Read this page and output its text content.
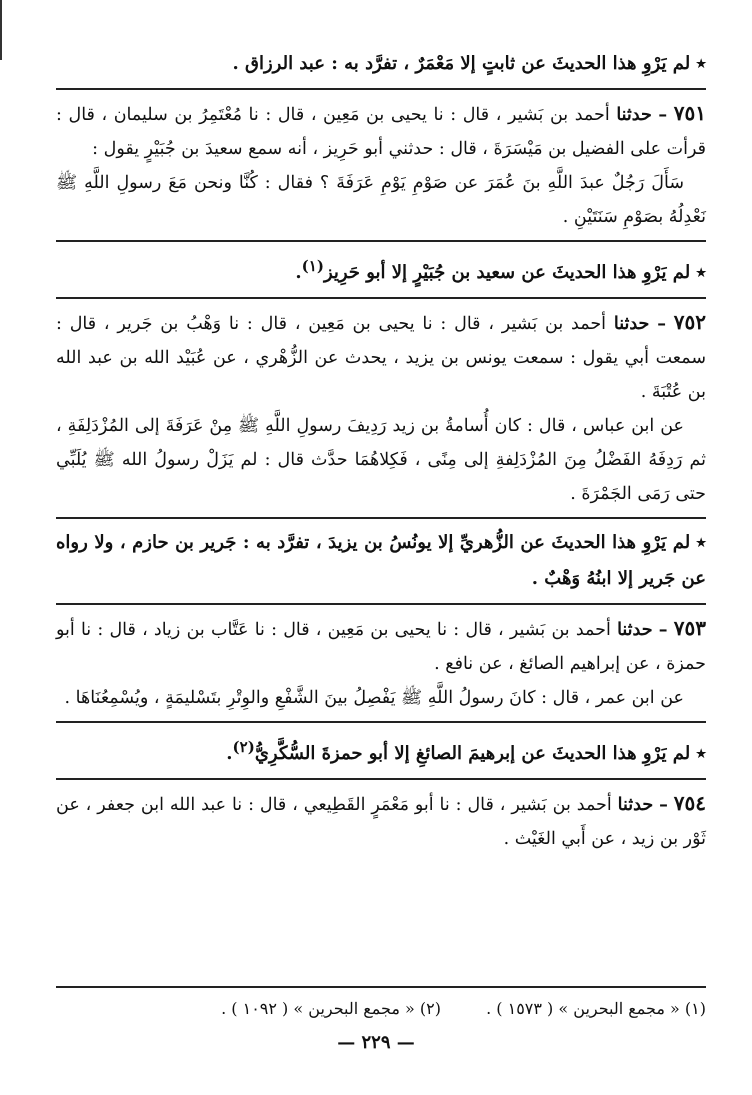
٭لم يَرْوِ هذا الحديثَ عن ثابتٍ إلا مَعْمَرٌ ، تفرَّد به : عبد الرزاق .

٧٥١ – حدثنا أحمد بن بَشير ، قال : نا يحيى بن مَعِين ، قال : نا مُعْتَمِرُ بن سليمان ، قال : قرأت على الفضيل بن مَيْسَرَةَ ، قال : حدثني أبو حَرِيز ، أنه سمع سعيدَ بن جُبَيْرٍ يقول :

سَأَلَ رَجُلٌ عبدَ اللَّهِ بنَ عُمَرَ عن صَوْمِ يَوْمِ عَرَفَةَ ؟ فقال : كُنَّا ونحن مَعَ رسولِ اللَّهِ ﷺ نَعْدِلُهُ بصَوْمِ سَنَتَيْنِ .

٭لم يَرْوِ هذا الحديثَ عن سعيد بن جُبَيْرٍ إلا أبو حَرِيز$^{(١)}$.

٧٥٢ – حدثنا أحمد بن بَشير ، قال : نا يحيى بن مَعِين ، قال : نا وَهْبُ بن جَرير ، قال : سمعت أبي يقول : سمعت يونس بن يزيد ، يحدث عن الزُّهْري ، عن عُبَيْد الله بن عبد الله بن عُتْبَةَ .

عن ابن عباس ، قال : كان أُسامةُ بن زيد رَدِيفَ رسولِ اللَّهِ ﷺ مِنْ عَرَفَةَ إلى المُزْدَلِفَةِ ، ثم رَدِفَهُ الفَضْلُ مِنَ المُزْدَلِفةِ إلى مِنًى ، فَكِلاهُمَا حدَّث قال : لم يَزَلْ رسولُ الله ﷺ يُلَبِّي حتى رَمَى الجَمْرَةَ .

٭لم يَرْوِ هذا الحديثَ عن الزُّهريِّ إلا يونُسُ بن يزيدَ ، تفرَّد به : جَرير بن حازم ، ولا رواه عن جَرير إلا ابنُهُ وَهْبٌ .

٧٥٣ – حدثنا أحمد بن بَشير ، قال : نا يحيى بن مَعِين ، قال : نا عَتَّاب بن زياد ، قال : نا أبو حمزة ، عن إبراهيم الصائغ ، عن نافع .

عن ابن عمر ، قال : كانَ رسولُ اللَّهِ ﷺ يَفْصِلُ بينَ الشَّفْعِ والوِتْرِ بتَسْليمَةٍ ، ويُسْمِعُنَاهَا .

٭لم يَرْوِ هذا الحديثَ عن إبرهيمَ الصائغِ إلا أبو حمزةَ السُّكَّرِيُّ$^{(٢)}$.

٧٥٤ – حدثنا أحمد بن بَشير ، قال : نا أبو مَعْمَرٍ القَطِيعي ، قال : نا عبد الله ابن جعفر ، عن ثَوْر بن زيد ، عن أَبي الغَيْث .

(١) « مجمع البحرين » ( ١٥٧٣ ) . (٢) « مجمع البحرين » ( ١٠٩٢ ) .
— ٢٢٩ —
